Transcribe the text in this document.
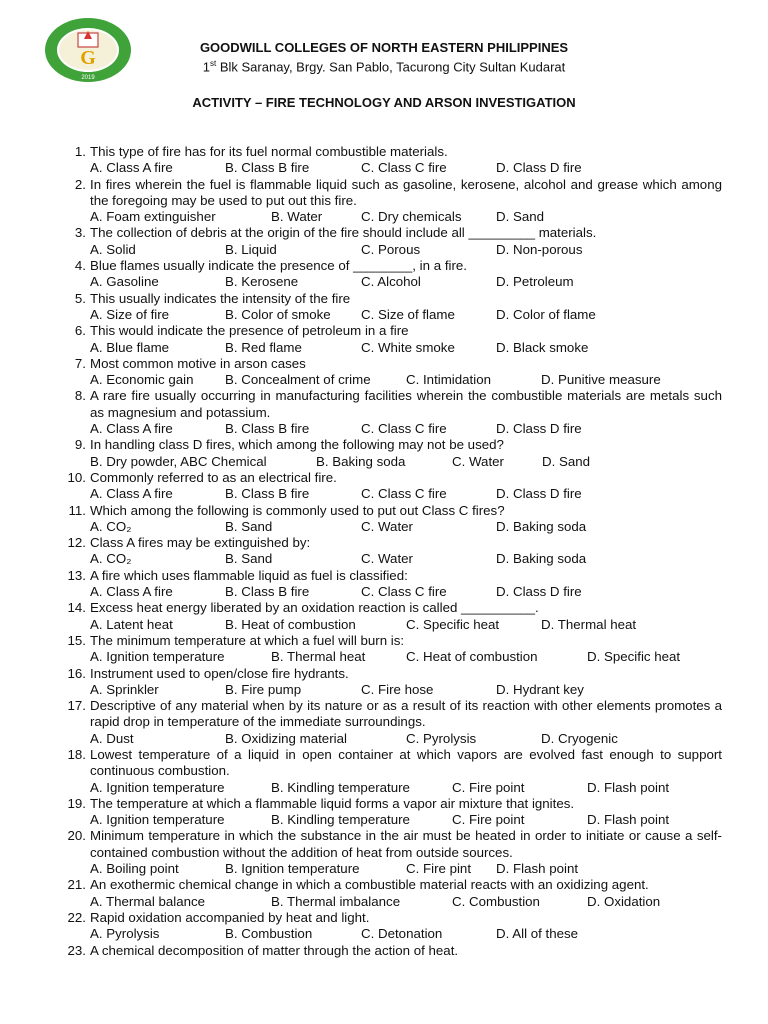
G
2019
GOODWILL COLLEGES OF NORTH EASTERN PHILIPPINES
1st Blk Saranay, Brgy. San Pablo, Tacurong City Sultan Kudarat
ACTIVITY – FIRE TECHNOLOGY AND ARSON INVESTIGATION
1. This type of fire has for its fuel normal combustible materials.
A. Class A fire	B. Class B fire	C. Class C fire	D. Class D fire
2. In fires wherein the fuel is flammable liquid such as gasoline, kerosene, alcohol and grease which among the foregoing may be used to put out this fire.
A. Foam extinguisher	B. Water	C. Dry chemicals	D. Sand
3. The collection of debris at the origin of the fire should include all _________ materials.
A. Solid	B. Liquid	C. Porous	D. Non-porous
4. Blue flames usually indicate the presence of ________, in a fire.
A. Gasoline	B. Kerosene	C. Alcohol	D. Petroleum
5. This usually indicates the intensity of the fire
A. Size of fire	B. Color of smoke	C. Size of flame	D. Color of flame
6. This would indicate the presence of petroleum in a fire
A. Blue flame	B. Red flame	C. White smoke	D. Black smoke
7. Most common motive in arson cases
A. Economic gain	B. Concealment of crime	C. Intimidation	D. Punitive measure
8. A rare fire usually occurring in manufacturing facilities wherein the combustible materials are metals such as magnesium and potassium.
A. Class A fire	B. Class B fire	C. Class C fire	D. Class D fire
9. In handling class D fires, which among the following may not be used?
B. Dry powder, ABC Chemical	B. Baking soda	C. Water	D. Sand
10. Commonly referred to as an electrical fire.
A. Class A fire	B. Class B fire	C. Class C fire	D. Class D fire
11. Which among the following is commonly used to put out Class C fires?
A. CO₂	B. Sand	C. Water	D. Baking soda
12. Class A fires may be extinguished by:
A. CO₂	B. Sand	C. Water	D. Baking soda
13. A fire which uses flammable liquid as fuel is classified:
A. Class A fire	B. Class B fire	C. Class C fire	D. Class D fire
14. Excess heat energy liberated by an oxidation reaction is called __________.
A. Latent heat	B. Heat of combustion	C. Specific heat	D. Thermal heat
15. The minimum temperature at which a fuel will burn is:
A. Ignition temperature	B. Thermal heat	C. Heat of combustion	D. Specific heat
16. Instrument used to open/close fire hydrants.
A. Sprinkler	B. Fire pump	C. Fire hose	D. Hydrant key
17. Descriptive of any material when by its nature or as a result of its reaction with other elements promotes a rapid drop in temperature of the immediate surroundings.
A. Dust	B. Oxidizing material	C. Pyrolysis	D. Cryogenic
18. Lowest temperature of a liquid in open container at which vapors are evolved fast enough to support continuous combustion.
A. Ignition temperature	B. Kindling temperature	C. Fire point	D. Flash point
19. The temperature at which a flammable liquid forms a vapor air mixture that ignites.
A. Ignition temperature	B. Kindling temperature	C. Fire point	D. Flash point
20. Minimum temperature in which the substance in the air must be heated in order to initiate or cause a self-contained combustion without the addition of heat from outside sources.
A. Boiling point	B. Ignition temperature	C. Fire pint	D. Flash point
21. An exothermic chemical change in which a combustible material reacts with an oxidizing agent.
A. Thermal balance	B. Thermal imbalance	C. Combustion	D. Oxidation
22. Rapid oxidation accompanied by heat and light.
A. Pyrolysis	B. Combustion	C. Detonation	D. All of these
23. A chemical decomposition of matter through the action of heat.
